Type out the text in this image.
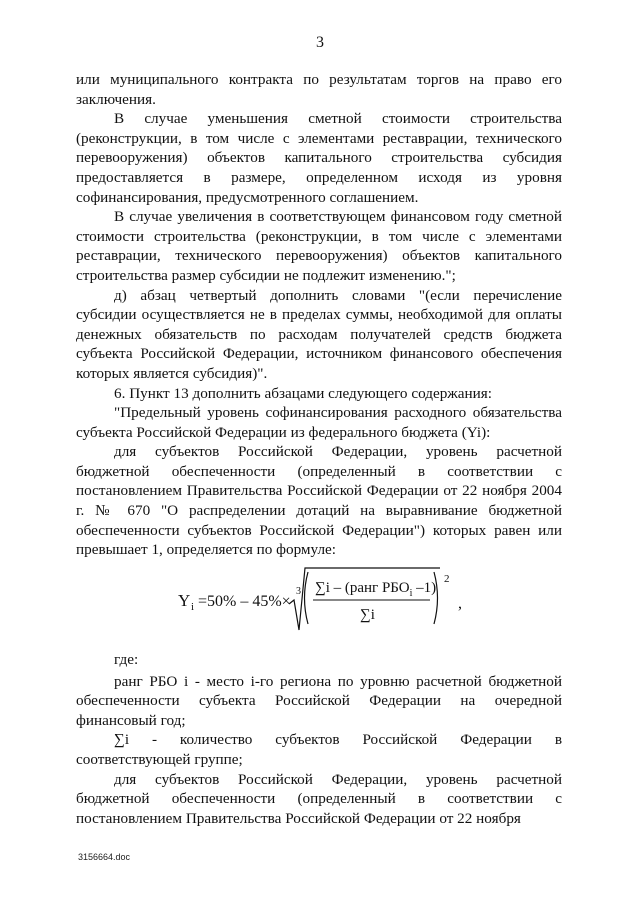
3

или муниципального контракта по результатам торгов на право его заключения.

В случае уменьшения сметной стоимости строительства (реконструкции, в том числе с элементами реставрации, технического перевооружения) объектов капитального строительства субсидия предоставляется в размере, определенном исходя из уровня софинансирования, предусмотренного соглашением.

В случае увеличения в соответствующем финансовом году сметной стоимости строительства (реконструкции, в том числе с элементами реставрации, технического перевооружения) объектов капитального строительства размер субсидии не подлежит изменению.";

д) абзац четвертый дополнить словами "(если перечисление субсидии осуществляется не в пределах суммы, необходимой для оплаты денежных обязательств по расходам получателей средств бюджета субъекта Российской Федерации, источником финансового обеспечения которых является субсидия)".

6. Пункт 13 дополнить абзацами следующего содержания:

"Предельный уровень софинансирования расходного обязательства субъекта Российской Федерации из федерального бюджета (Yi):

для субъектов Российской Федерации, уровень расчетной бюджетной обеспеченности (определенный в соответствии с постановлением Правительства Российской Федерации от 22 ноября 2004 г. № 670 "О распределении дотаций на выравнивание бюджетной обеспеченности субъектов Российской Федерации") которых равен или превышает 1, определяется по формуле:

Y i =50% – 45%×
3 ∑i – (ранг $РБО_i$ –1)
∑i
2
,

где:

ранг РБО i - место i-го региона по уровню расчетной бюджетной обеспеченности субъекта Российской Федерации на очередной финансовый год;

∑i - количество субъектов Российской Федерации в соответствующей группе;

для субъектов Российской Федерации, уровень расчетной бюджетной обеспеченности (определенный в соответствии с постановлением Правительства Российской Федерации от 22 ноября

3156664.doc
